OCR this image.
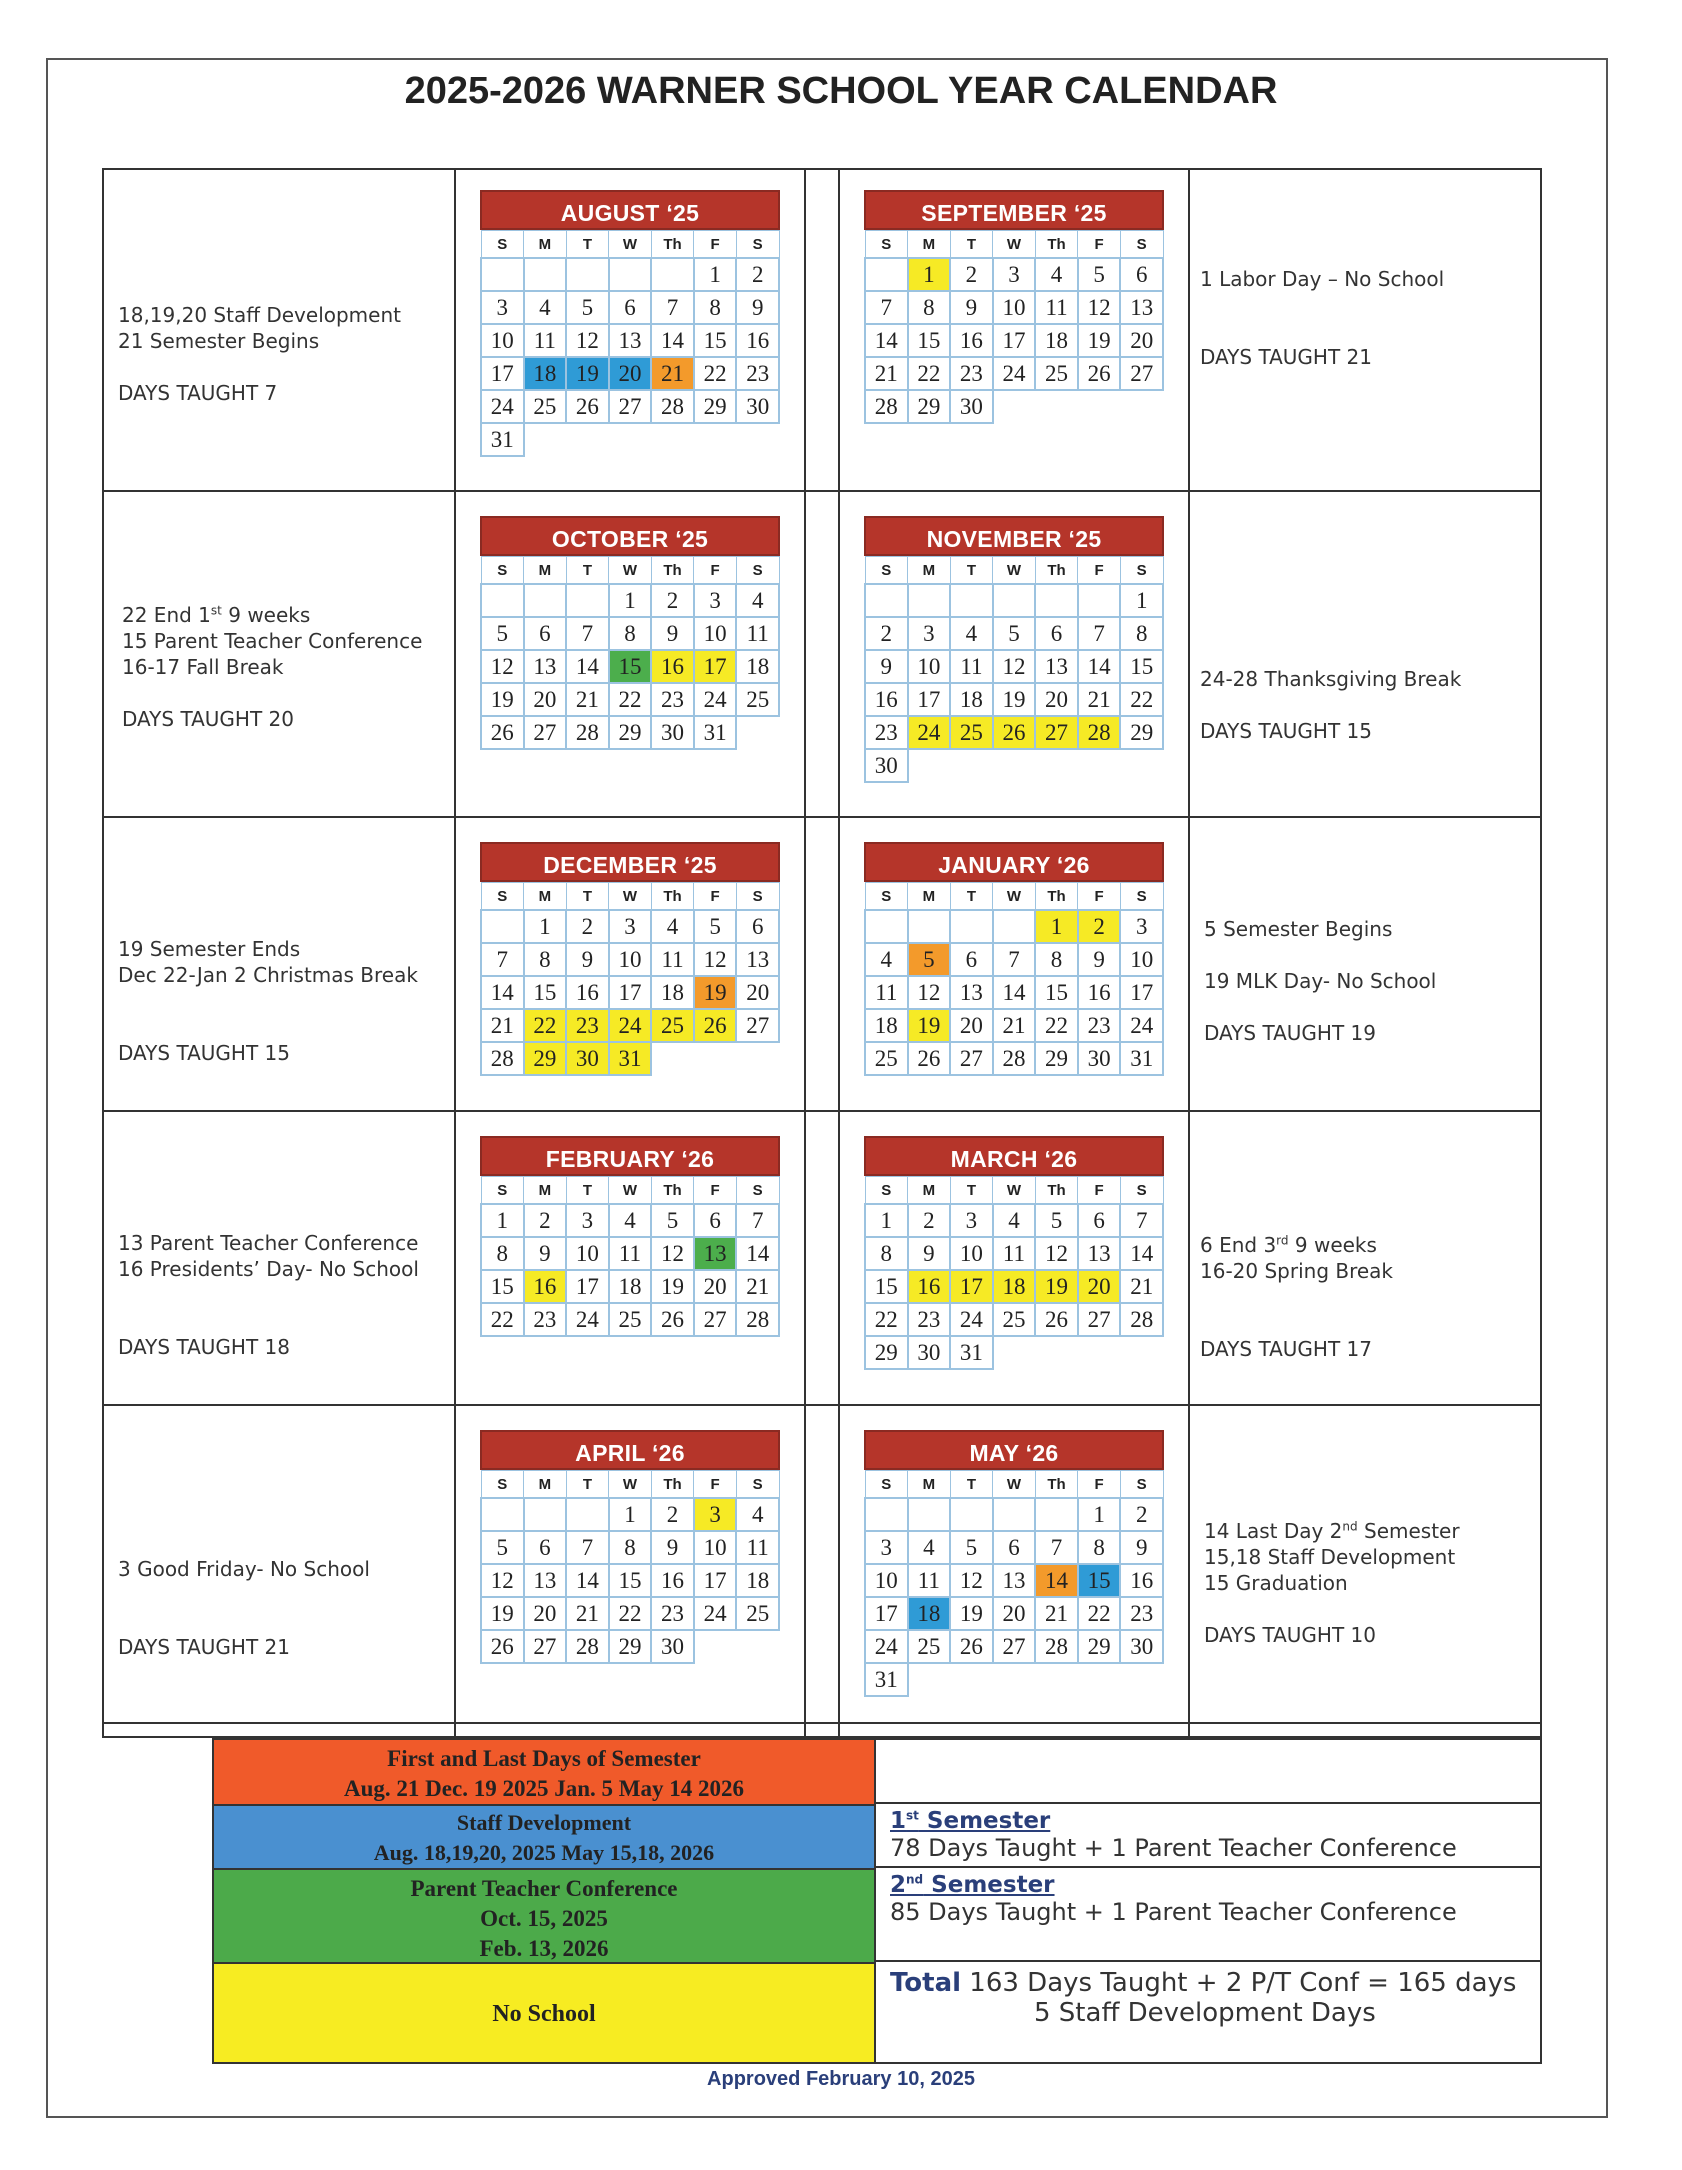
2025-2026 WARNER SCHOOL YEAR CALENDAR
18,19,20 Staff Development
21 Semester Begins
DAYS TAUGHT 7
1 Labor Day – No School
DAYS TAUGHT 21
22 End 1st 9 weeks
15 Parent Teacher Conference
16-17 Fall Break
DAYS TAUGHT 20
24-28 Thanksgiving Break
DAYS TAUGHT 15
19 Semester Ends
Dec 22-Jan 2 Christmas Break
DAYS TAUGHT 15
5 Semester Begins
19 MLK Day- No School
DAYS TAUGHT 19
13 Parent Teacher Conference
16 Presidents’ Day- No School
DAYS TAUGHT 18
6 End 3rd 9 weeks
16-20 Spring Break
DAYS TAUGHT 17
3 Good Friday- No School
DAYS TAUGHT 21
14 Last Day 2nd Semester
15,18 Staff Development
15 Graduation
DAYS TAUGHT 10
AUGUST ‘25
S	M	T	W	Th	F	S
					1	2
3	4	5	6	7	8	9
10	11	12	13	14	15	16
17	18	19	20	21	22	23
24	25	26	27	28	29	30
31						
SEPTEMBER ‘25
S	M	T	W	Th	F	S
	1	2	3	4	5	6
7	8	9	10	11	12	13
14	15	16	17	18	19	20
21	22	23	24	25	26	27
28	29	30				
OCTOBER ‘25
S	M	T	W	Th	F	S
			1	2	3	4
5	6	7	8	9	10	11
12	13	14	15	16	17	18
19	20	21	22	23	24	25
26	27	28	29	30	31	
NOVEMBER ‘25
S	M	T	W	Th	F	S
						1
2	3	4	5	6	7	8
9	10	11	12	13	14	15
16	17	18	19	20	21	22
23	24	25	26	27	28	29
30						
DECEMBER ‘25
S	M	T	W	Th	F	S
	1	2	3	4	5	6
7	8	9	10	11	12	13
14	15	16	17	18	19	20
21	22	23	24	25	26	27
28	29	30	31			
JANUARY ‘26
S	M	T	W	Th	F	S
				1	2	3
4	5	6	7	8	9	10
11	12	13	14	15	16	17
18	19	20	21	22	23	24
25	26	27	28	29	30	31
FEBRUARY ‘26
S	M	T	W	Th	F	S
1	2	3	4	5	6	7
8	9	10	11	12	13	14
15	16	17	18	19	20	21
22	23	24	25	26	27	28
MARCH ‘26
S	M	T	W	Th	F	S
1	2	3	4	5	6	7
8	9	10	11	12	13	14
15	16	17	18	19	20	21
22	23	24	25	26	27	28
29	30	31				
APRIL ‘26
S	M	T	W	Th	F	S
			1	2	3	4
5	6	7	8	9	10	11
12	13	14	15	16	17	18
19	20	21	22	23	24	25
26	27	28	29	30		
MAY ‘26
S	M	T	W	Th	F	S
					1	2
3	4	5	6	7	8	9
10	11	12	13	14	15	16
17	18	19	20	21	22	23
24	25	26	27	28	29	30
31						
First and Last Days of Semester
Aug. 21 Dec. 19 2025 Jan. 5 May 14 2026
Staff Development
Aug. 18,19,20, 2025 May 15,18, 2026
Parent Teacher Conference
Oct. 15, 2025
Feb. 13, 2026
No School
1st Semester
78 Days Taught + 1 Parent Teacher Conference
2nd Semester
85 Days Taught + 1 Parent Teacher Conference
Total 163 Days Taught + 2 P/T Conf = 165 days
5 Staff Development Days
Approved February 10, 2025
